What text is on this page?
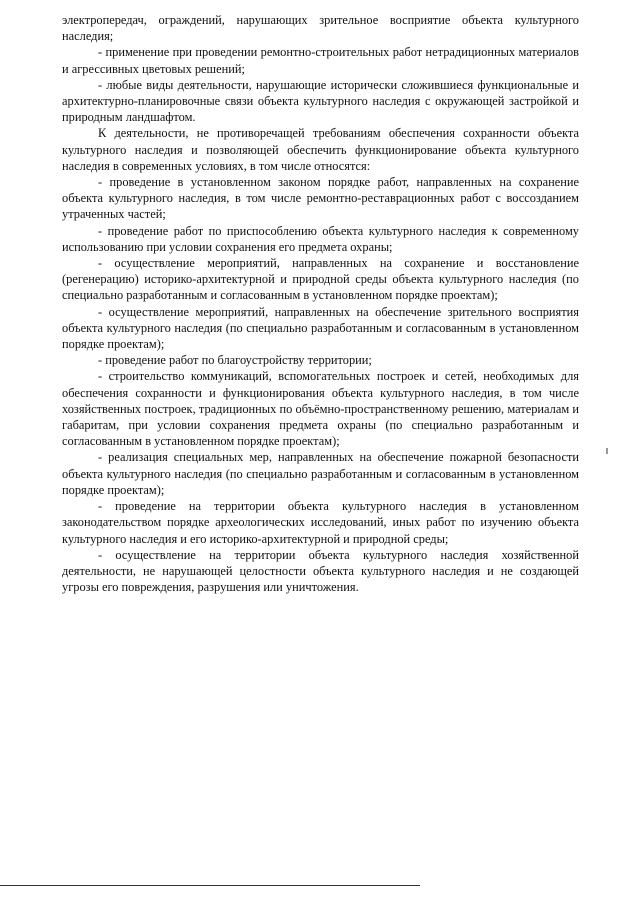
электропередач, ограждений, нарушающих зрительное восприятие объекта культурного наследия;

- применение при проведении ремонтно-строительных работ нетрадиционных материалов и агрессивных цветовых решений;

- любые виды деятельности, нарушающие исторически сложившиеся функциональные и архитектурно-планировочные связи объекта культурного наследия с окружающей застройкой и природным ландшафтом.

К деятельности, не противоречащей требованиям обеспечения сохранности объекта культурного наследия и позволяющей обеспечить функционирование объекта культурного наследия в современных условиях, в том числе относятся:

- проведение в установленном законом порядке работ, направленных на сохранение объекта культурного наследия, в том числе ремонтно-реставрационных работ с воссозданием утраченных частей;

- проведение работ по приспособлению объекта культурного наследия к современному использованию при условии сохранения его предмета охраны;

- осуществление мероприятий, направленных на сохранение и восстановление (регенерацию) историко-архитектурной и природной среды объекта культурного наследия (по специально разработанным и согласованным в установленном порядке проектам);

- осуществление мероприятий, направленных на обеспечение зрительного восприятия объекта культурного наследия (по специально разработанным и согласованным в установленном порядке проектам);

- проведение работ по благоустройству территории;

- строительство коммуникаций, вспомогательных построек и сетей, необходимых для обеспечения сохранности и функционирования объекта культурного наследия, в том числе хозяйственных построек, традиционных по объёмно-пространственному решению, материалам и габаритам, при условии сохранения предмета охраны (по специально разработанным и согласованным в установленном порядке проектам);

- реализация специальных мер, направленных на обеспечение пожарной безопасности объекта культурного наследия (по специально разработанным и согласованным в установленном порядке проектам);

- проведение на территории объекта культурного наследия в установленном законодательством порядке археологических исследований, иных работ по изучению объекта культурного наследия и его историко-архитектурной и природной среды;

- осуществление на территории объекта культурного наследия хозяйственной деятельности, не нарушающей целостности объекта культурного наследия и не создающей угрозы его повреждения, разрушения или уничтожения.
